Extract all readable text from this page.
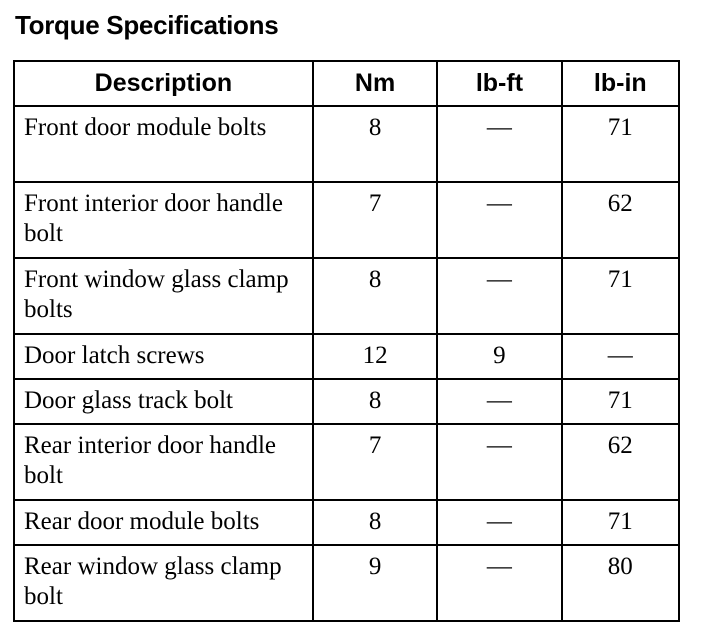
Torque Specifications
Description	Nm	lb-ft	lb-in
Front door module bolts	8	—	71
Front interior door handle bolt	7	—	62
Front window glass clamp bolts	8	—	71
Door latch screws	12	9	—
Door glass track bolt	8	—	71
Rear interior door handle bolt	7	—	62
Rear door module bolts	8	—	71
Rear window glass clamp bolt	9	—	80
